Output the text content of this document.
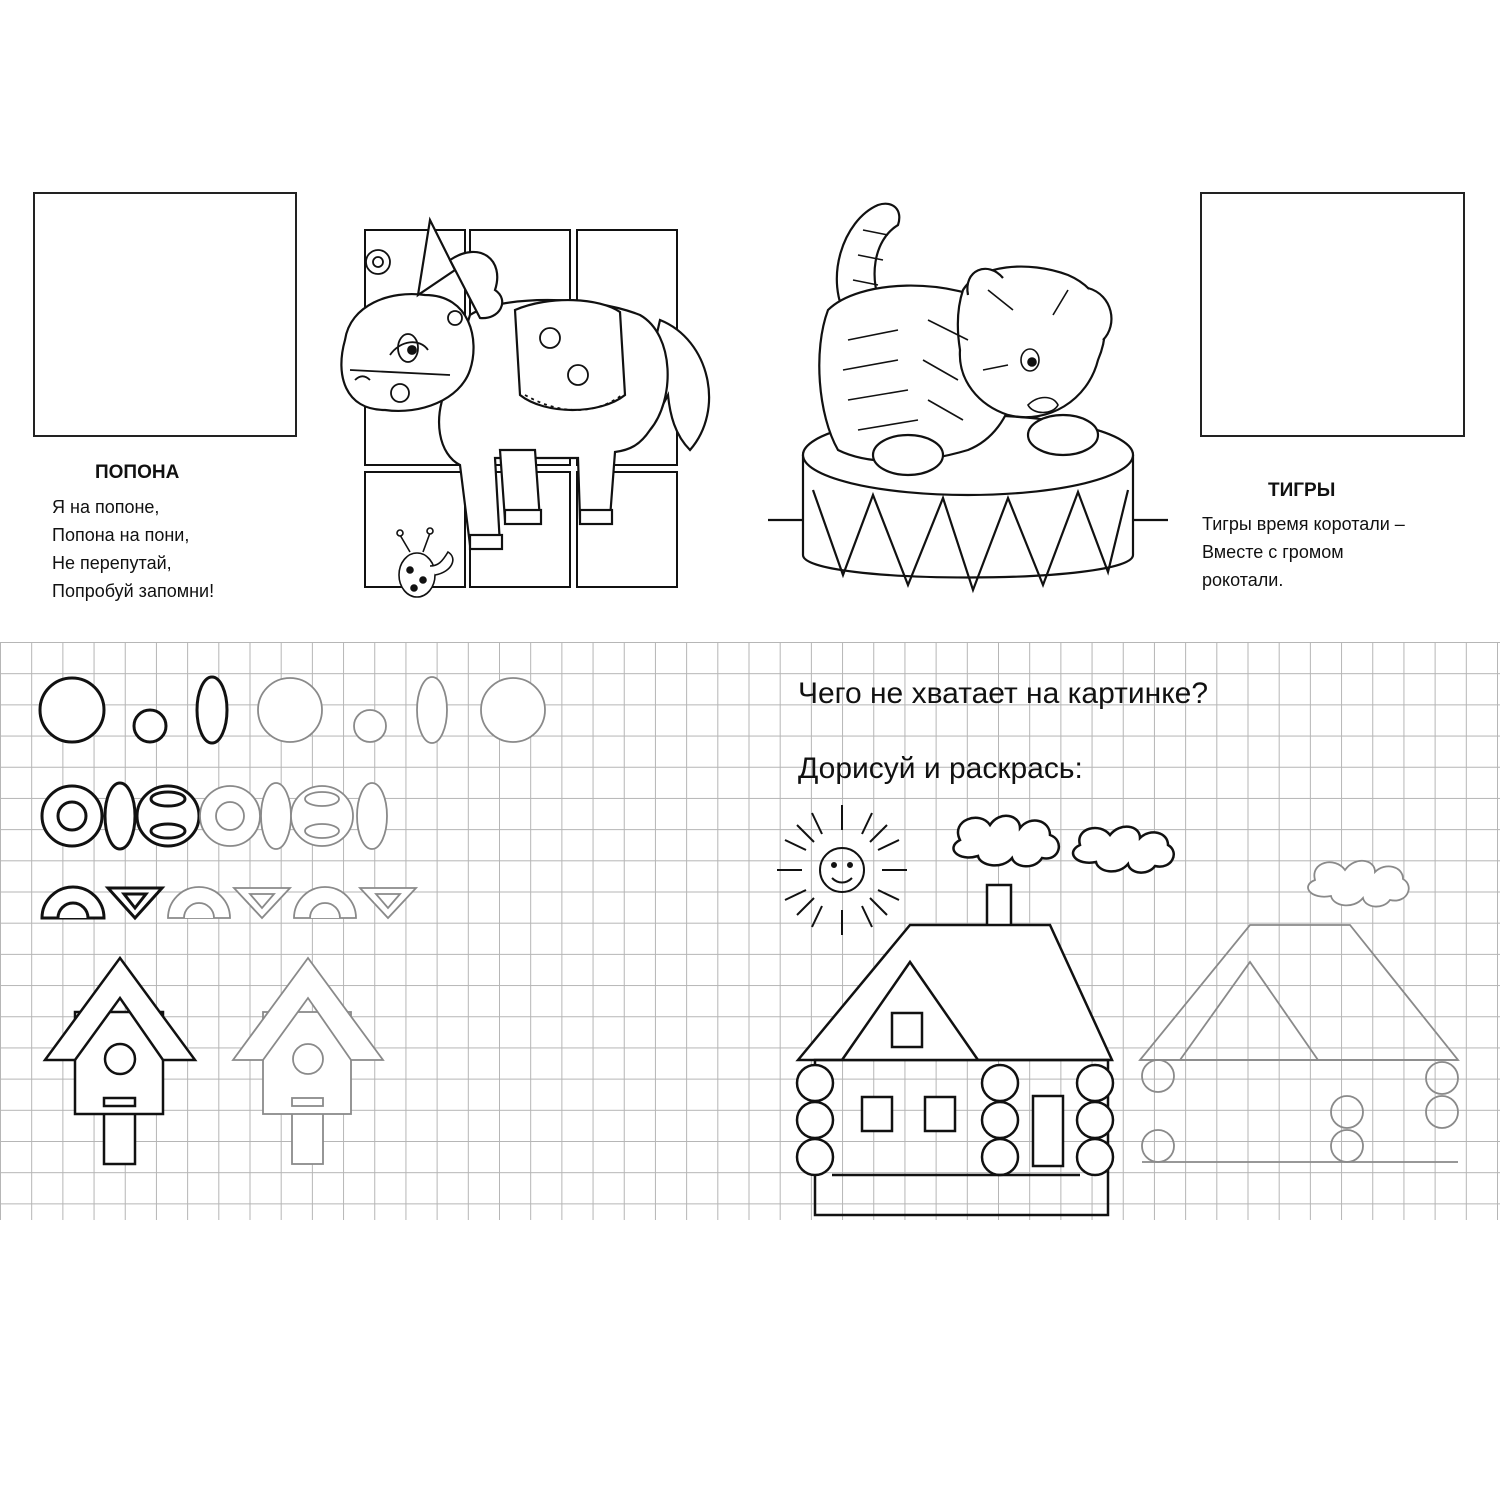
ПОПОНА
Я на попоне,
Попона на пони,
Не перепутай,
Попробуй запомни!
ТИГРЫ
Тигры время коротали –
Вместе с громом
рокотали.
Чего не хватает на картинке?
Дорисуй и раскрась:
